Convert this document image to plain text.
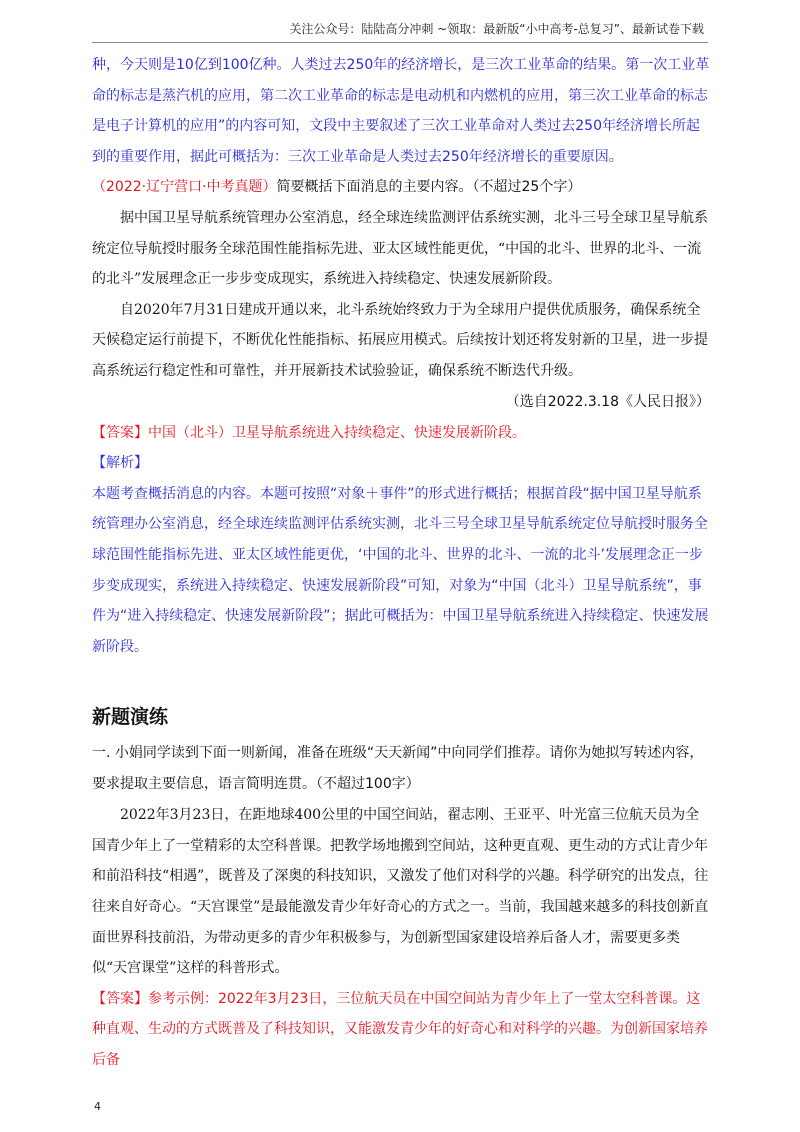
关注公众号：陆陆高分冲刺 ~领取：最新版“小中高考-总复习”、最新试卷下载

种，今天则是10亿到100亿种。人类过去250年的经济增长，是三次工业革命的结果。第一次工业革命的标志是蒸汽机的应用，第二次工业革命的标志是电动机和内燃机的应用，第三次工业革命的标志是电子计算机的应用”的内容可知，文段中主要叙述了三次工业革命对人类过去250年经济增长所起到的重要作用，据此可概括为：三次工业革命是人类过去250年经济增长的重要原因。

（2022·辽宁营口·中考真题）简要概括下面消息的主要内容。（不超过25个字）

据中国卫星导航系统管理办公室消息，经全球连续监测评估系统实测，北斗三号全球卫星导航系统定位导航授时服务全球范围性能指标先进、亚太区域性能更优，“中国的北斗、世界的北斗、一流的北斗”发展理念正一步步变成现实，系统进入持续稳定、快速发展新阶段。

自2020年7月31日建成开通以来，北斗系统始终致力于为全球用户提供优质服务，确保系统全天候稳定运行前提下，不断优化性能指标、拓展应用模式。后续按计划还将发射新的卫星，进一步提高系统运行稳定性和可靠性，并开展新技术试验验证，确保系统不断迭代升级。

（选自2022.3.18《人民日报》）

【答案】中国（北斗）卫星导航系统进入持续稳定、快速发展新阶段。

【解析】

本题考查概括消息的内容。本题可按照“对象＋事件”的形式进行概括；根据首段“据中国卫星导航系统管理办公室消息，经全球连续监测评估系统实测，北斗三号全球卫星导航系统定位导航授时服务全球范围性能指标先进、亚太区域性能更优，‘中国的北斗、世界的北斗、一流的北斗’发展理念正一步步变成现实，系统进入持续稳定、快速发展新阶段”可知，对象为“中国（北斗）卫星导航系统”，事件为“进入持续稳定、快速发展新阶段”；据此可概括为：中国卫星导航系统进入持续稳定、快速发展新阶段。

新题演练

一. 小娟同学读到下面一则新闻，准备在班级“天天新闻”中向同学们推荐。请你为她拟写转述内容，要求提取主要信息，语言简明连贯。（不超过100字）

2022年3月23日，在距地球400公里的中国空间站，翟志刚、王亚平、叶光富三位航天员为全国青少年上了一堂精彩的太空科普课。把教学场地搬到空间站，这种更直观、更生动的方式让青少年和前沿科技“相遇”，既普及了深奥的科技知识，又激发了他们对科学的兴趣。科学研究的出发点，往往来自好奇心。“天宫课堂”是最能激发青少年好奇心的方式之一。当前，我国越来越多的科技创新直面世界科技前沿，为带动更多的青少年积极参与，为创新型国家建设培养后备人才，需要更多类似“天宫课堂”这样的科普形式。

【答案】参考示例：2022年3月23日，三位航天员在中国空间站为青少年上了一堂太空科普课。这种直观、生动的方式既普及了科技知识，又能激发青少年的好奇心和对科学的兴趣。为创新国家培养后备

4
